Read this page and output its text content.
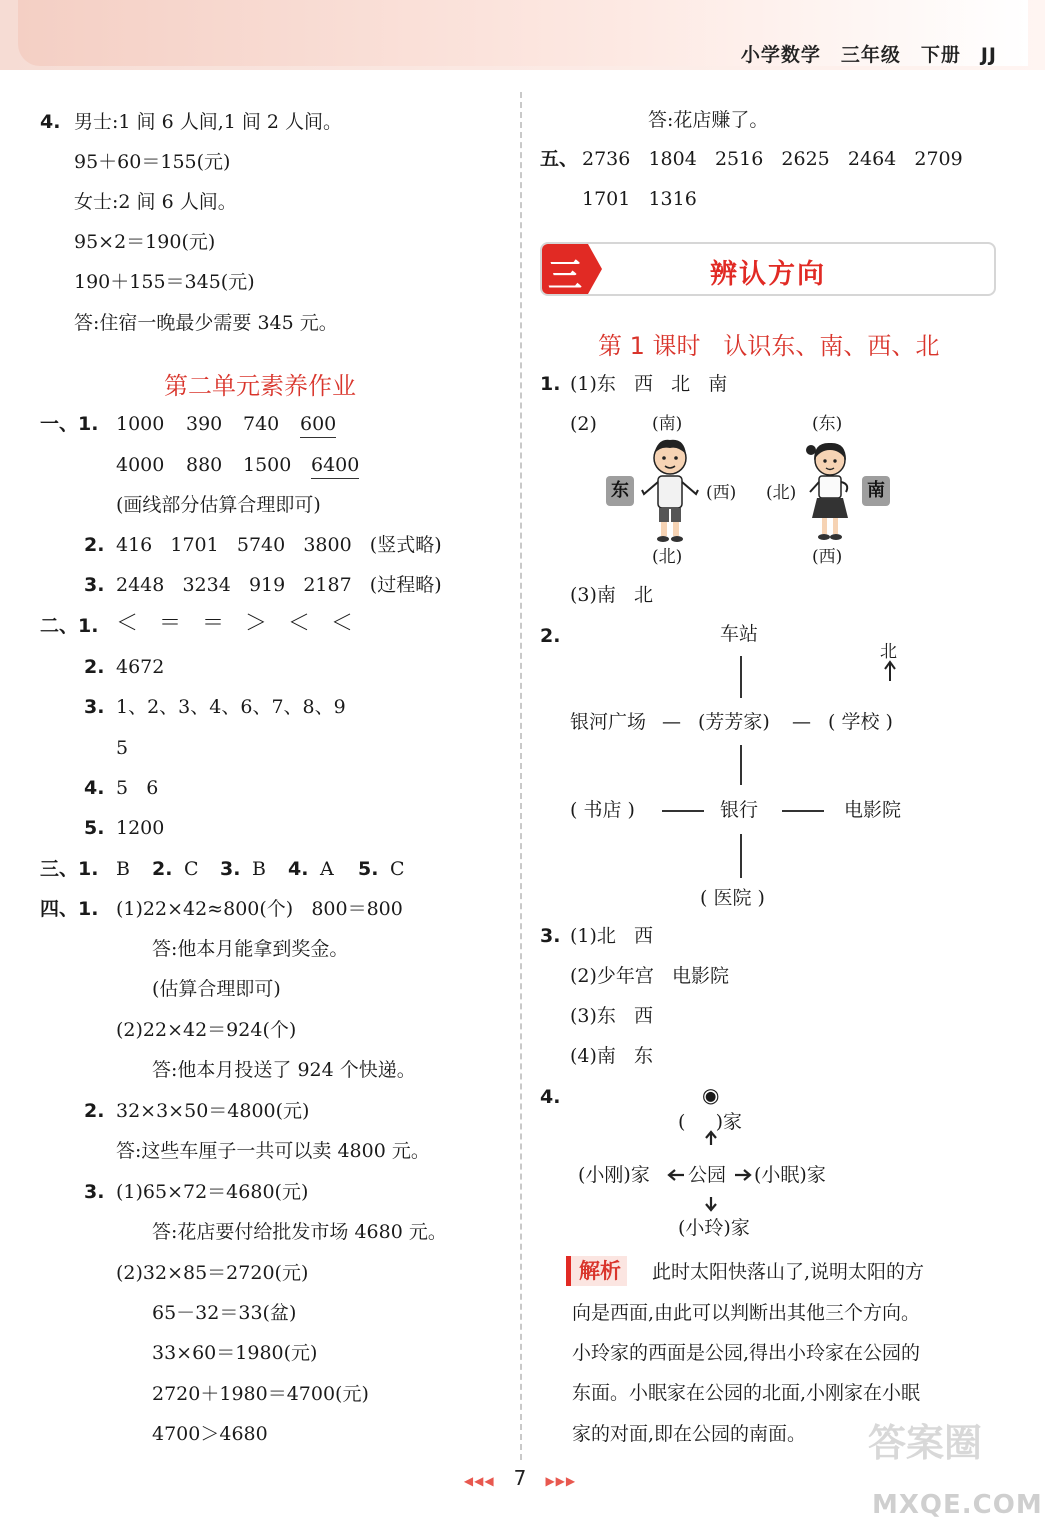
小学数学 三年级 下册 JJ
4. 男士:1 间 6 人间,1 间 2 人间。
95＋60＝155(元)
女士:2 间 6 人间。
95×2＝190(元)
190＋155＝345(元)
答:住宿一晚最少需要 345 元。
第二单元素养作业
一、1. 1000 390 740 600
4000 880 1500 6400
(画线部分估算合理即可)
2. 416   1701   5740   3800   (竖式略)
3. 2448   3234   919   2187   (过程略)
二、1. ＜   ＝   ＝   ＞   ＜   ＜
2. 4672
3. 1、2、3、4、6、7、8、9
5
4. 5   6
5. 1200
三、1. B 2. C 3. B 4. A 5. C
四、1. (1)22×42≈800(个)   800＝800
答:他本月能拿到奖金。
(估算合理即可)
(2)22×42＝924(个)
答:他本月投送了 924 个快递。
2. 32×3×50＝4800(元)
答:这些车厘子一共可以卖 4800 元。
3. (1)65×72＝4680(元)
答:花店要付给批发市场 4680 元。
(2)32×85＝2720(元)
65－32＝33(盆)
33×60＝1980(元)
2720＋1980＝4700(元)
4700＞4680
答:花店赚了。
五、 2736   1804   2516   2625   2464   2709
1701   1316
三	辨认方向
第 1 课时   认识东、南、西、北
1. (1)东   西   北   南
(2)	(南)
东	(西)
(北)
(东)
(北)	南
(西)
(3)南   北
2.	车站
北
银河广场 — (芳芳家) — ( 学校 )
( 书店 )	银行	电影院
( 医院 )
3. (1)北   西
(2)少年宫   电影院
(3)东   西
(4)南   东
4.	◉
(     )家
(小刚)家 公园 (小眠)家
(小玲)家
解析	此时太阳快落山了,说明太阳的方
向是西面,由此可以判断出其他三个方向。
小玲家的西面是公园,得出小玲家在公园的
东面。小眠家在公园的北面,小刚家在小眠
家的对面,即在公园的南面。
◀◀◀ 7 ▶▶▶
答案圈
MXQE.COM
